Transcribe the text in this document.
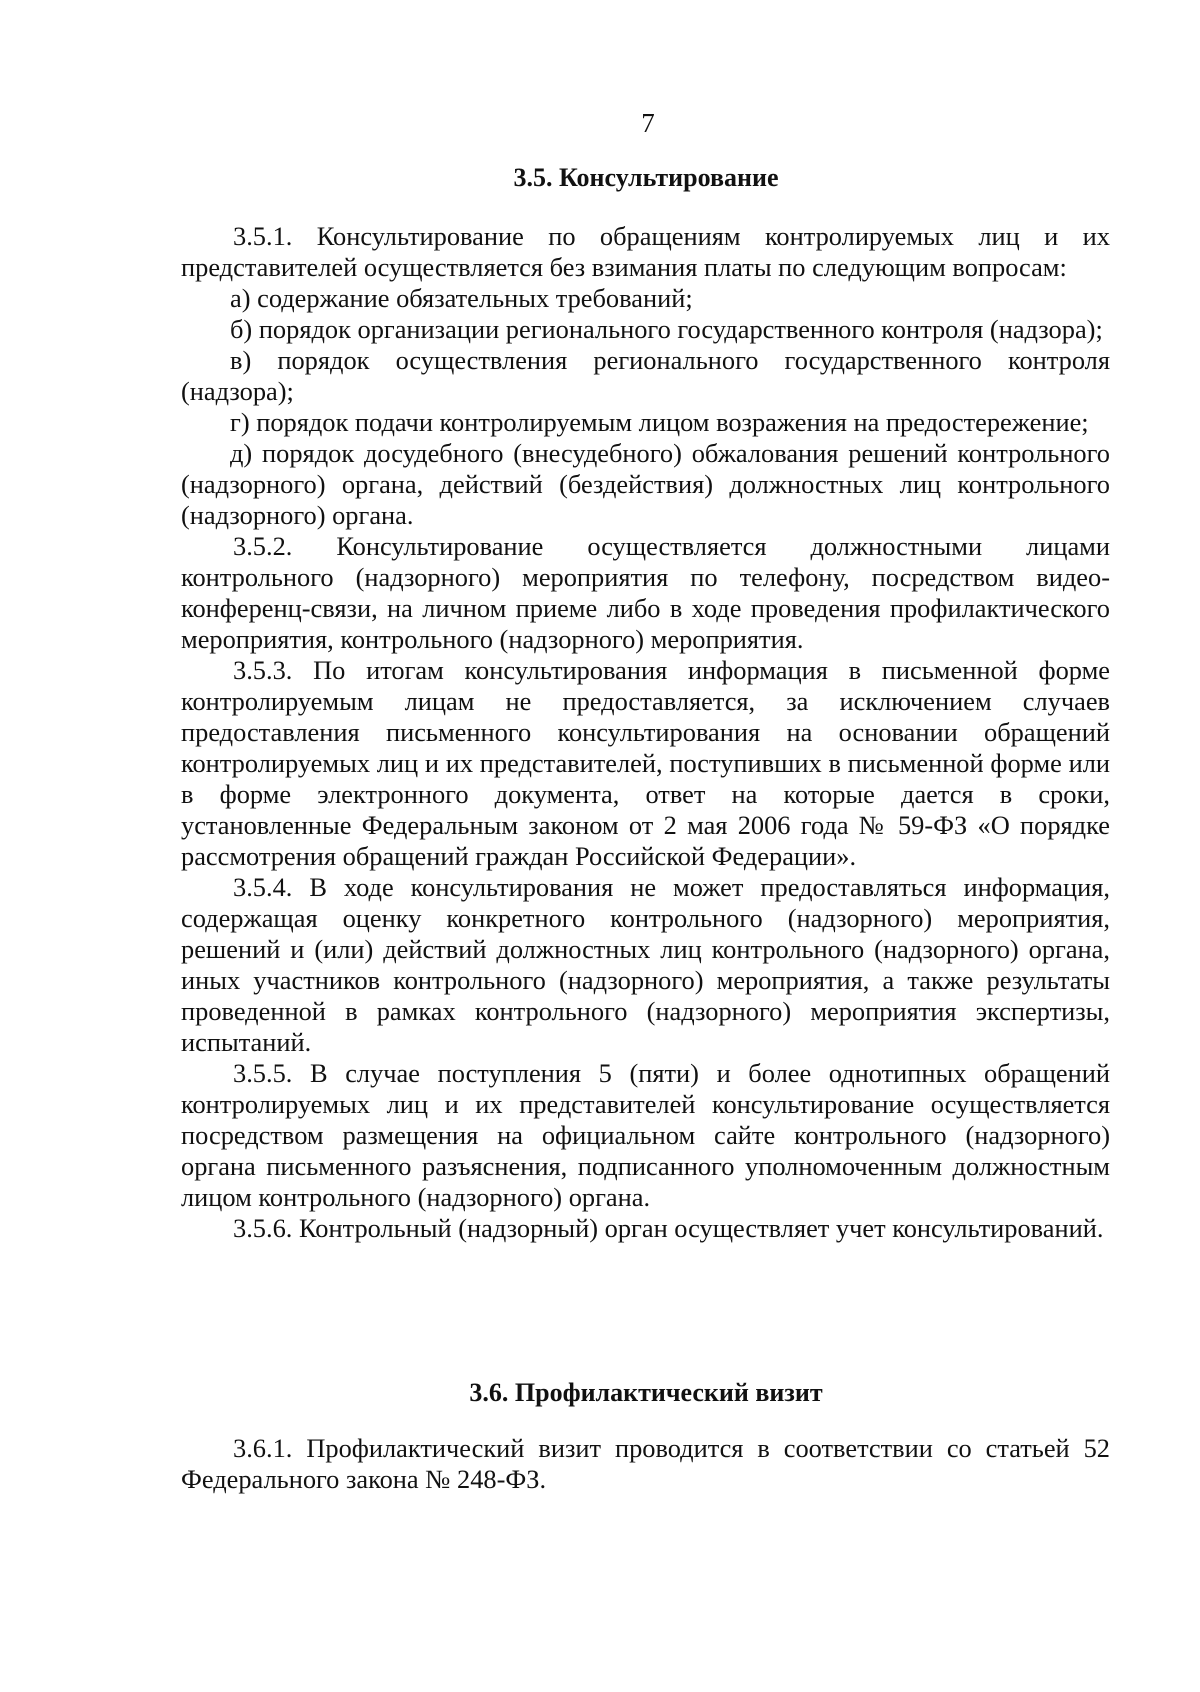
7
3.5. Консультирование

3.5.1. Консультирование по обращениям контролируемых лиц и их представителей осуществляется без взимания платы по следующим вопросам:

а) содержание обязательных требований;

б) порядок организации регионального государственного контроля (надзора);

в) порядок осуществления регионального государственного контроля (надзора);

г) порядок подачи контролируемым лицом возражения на предостережение;

д) порядок досудебного (внесудебного) обжалования решений контрольного (надзорного) органа, действий (бездействия) должностных лиц контрольного (надзорного) органа.

3.5.2. Консультирование осуществляется должностными лицами контрольного (надзорного) мероприятия по телефону, посредством видео-конференц-связи, на личном приеме либо в ходе проведения профилактического мероприятия, контрольного (надзорного) мероприятия.

3.5.3. По итогам консультирования информация в письменной форме контролируемым лицам не предоставляется, за исключением случаев предоставления письменного консультирования на основании обращений контролируемых лиц и их представителей, поступивших в письменной форме или в форме электронного документа, ответ на которые дается в сроки, установленные Федеральным законом от 2 мая 2006 года № 59-ФЗ «О порядке рассмотрения обращений граждан Российской Федерации».

3.5.4. В ходе консультирования не может предоставляться информация, содержащая оценку конкретного контрольного (надзорного) мероприятия, решений и (или) действий должностных лиц контрольного (надзорного) органа, иных участников контрольного (надзорного) мероприятия, а также результаты проведенной в рамках контрольного (надзорного) мероприятия экспертизы, испытаний.

3.5.5. В случае поступления 5 (пяти) и более однотипных обращений контролируемых лиц и их представителей консультирование осуществляется посредством размещения на официальном сайте контрольного (надзорного) органа письменного разъяснения, подписанного уполномоченным должностным лицом контрольного (надзорного) органа.

3.5.6. Контрольный (надзорный) орган осуществляет учет консультирований.

3.6. Профилактический визит

3.6.1. Профилактический визит проводится в соответствии со статьей 52 Федерального закона № 248-ФЗ.
